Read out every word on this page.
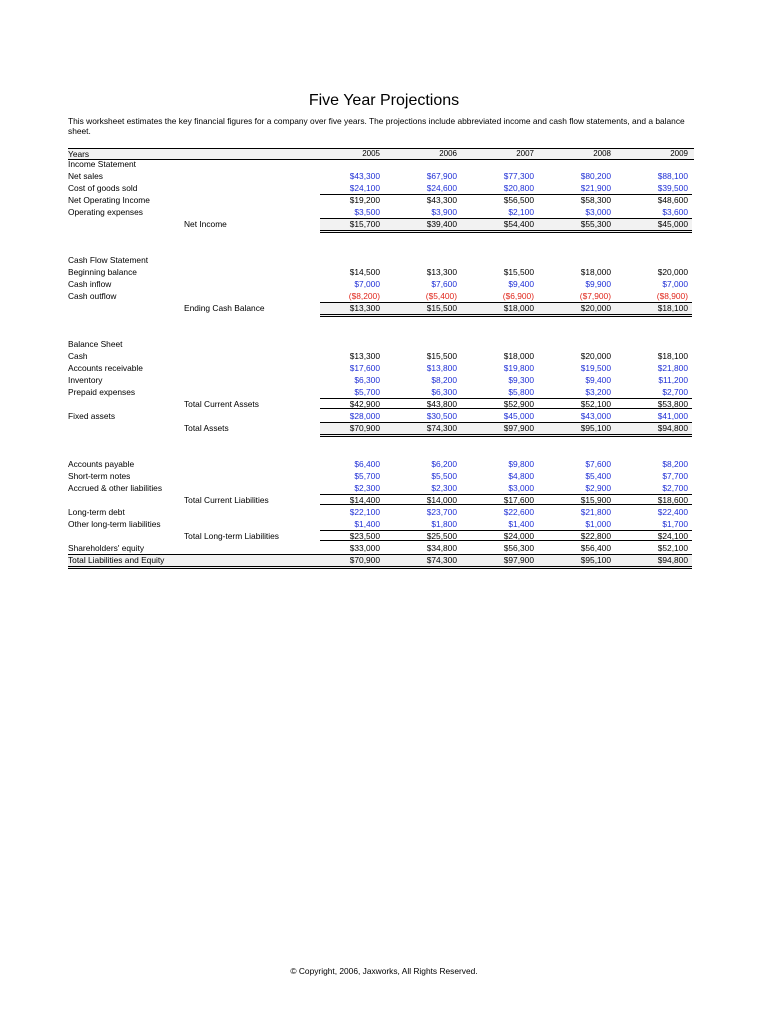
Five Year Projections
This worksheet estimates the key financial figures for a company over five years. The projections include abbreviated income and cash flow statements, and a balance sheet.
Years	2005	2006	2007	2008	2009
Income Statement
Net sales	$43,300	$67,900	$77,300	$80,200	$88,100
Cost of goods sold	$24,100	$24,600	$20,800	$21,900	$39,500
Net Operating Income	$19,200	$43,300	$56,500	$58,300	$48,600
Operating expenses	$3,500	$3,900	$2,100	$3,000	$3,600
Net Income	$15,700	$39,400	$54,400	$55,300	$45,000
Cash Flow Statement
Beginning balance	$14,500	$13,300	$15,500	$18,000	$20,000
Cash inflow	$7,000	$7,600	$9,400	$9,900	$7,000
Cash outflow	($8,200)	($5,400)	($6,900)	($7,900)	($8,900)
Ending Cash Balance	$13,300	$15,500	$18,000	$20,000	$18,100
Balance Sheet
Cash	$13,300	$15,500	$18,000	$20,000	$18,100
Accounts receivable	$17,600	$13,800	$19,800	$19,500	$21,800
Inventory	$6,300	$8,200	$9,300	$9,400	$11,200
Prepaid expenses	$5,700	$6,300	$5,800	$3,200	$2,700
Total Current Assets	$42,900	$43,800	$52,900	$52,100	$53,800
Fixed assets	$28,000	$30,500	$45,000	$43,000	$41,000
Total Assets	$70,900	$74,300	$97,900	$95,100	$94,800
Accounts payable	$6,400	$6,200	$9,800	$7,600	$8,200
Short-term notes	$5,700	$5,500	$4,800	$5,400	$7,700
Accrued & other liabilities	$2,300	$2,300	$3,000	$2,900	$2,700
Total Current Liabilities	$14,400	$14,000	$17,600	$15,900	$18,600
Long-term debt	$22,100	$23,700	$22,600	$21,800	$22,400
Other long-term liabilities	$1,400	$1,800	$1,400	$1,000	$1,700
Total Long-term Liabilities	$23,500	$25,500	$24,000	$22,800	$24,100
Shareholders' equity	$33,000	$34,800	$56,300	$56,400	$52,100
Total Liabilities and Equity	$70,900	$74,300	$97,900	$95,100	$94,800
© Copyright, 2006, Jaxworks, All Rights Reserved.
